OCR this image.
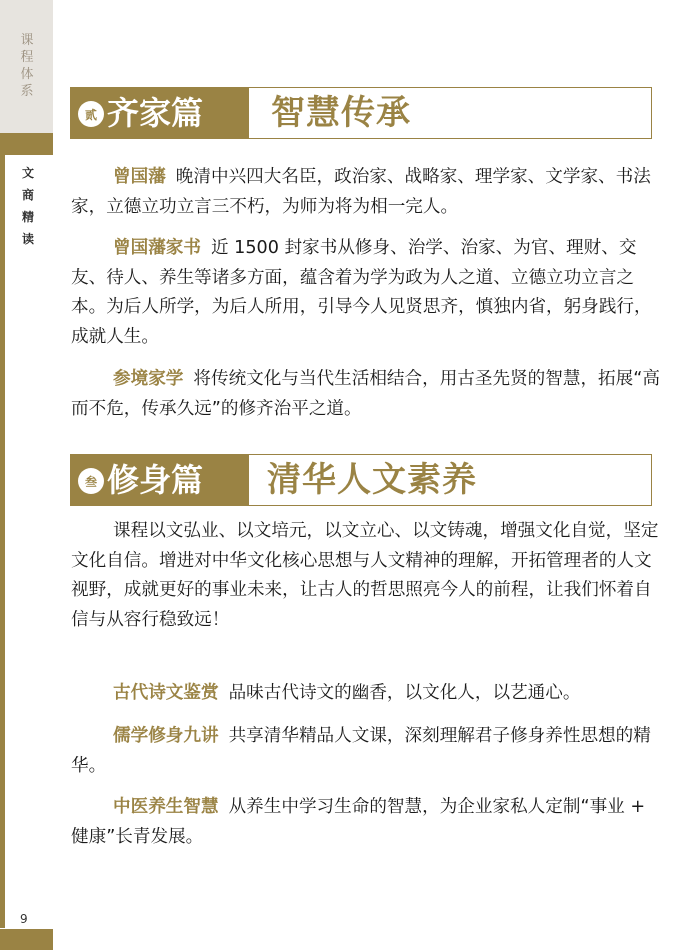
课程体系
文商精读
9
贰 齐家篇 智慧传承
曾国藩 晚清中兴四大名臣，政治家、战略家、理学家、文学家、书法家，立德立功立言三不朽，为师为将为相一完人。
曾国藩家书 近 1500 封家书从修身、治学、治家、为官、理财、交友、待人、养生等诸多方面，蕴含着为学为政为人之道、立德立功立言之本。为后人所学，为后人所用，引导今人见贤思齐，慎独内省，躬身践行，成就人生。
参境家学 将传统文化与当代生活相结合，用古圣先贤的智慧，拓展“高而不危，传承久远”的修齐治平之道。
叁 修身篇 清华人文素养
课程以文弘业、以文培元，以文立心、以文铸魂，增强文化自觉，坚定文化自信。增进对中华文化核心思想与人文精神的理解，开拓管理者的人文视野，成就更好的事业未来，让古人的哲思照亮今人的前程，让我们怀着自信与从容行稳致远！
古代诗文鉴赏 品味古代诗文的幽香，以文化人，以艺通心。
儒学修身九讲 共享清华精品人文课，深刻理解君子修身养性思想的精华。
中医养生智慧 从养生中学习生命的智慧，为企业家私人定制“事业 + 健康”长青发展。
